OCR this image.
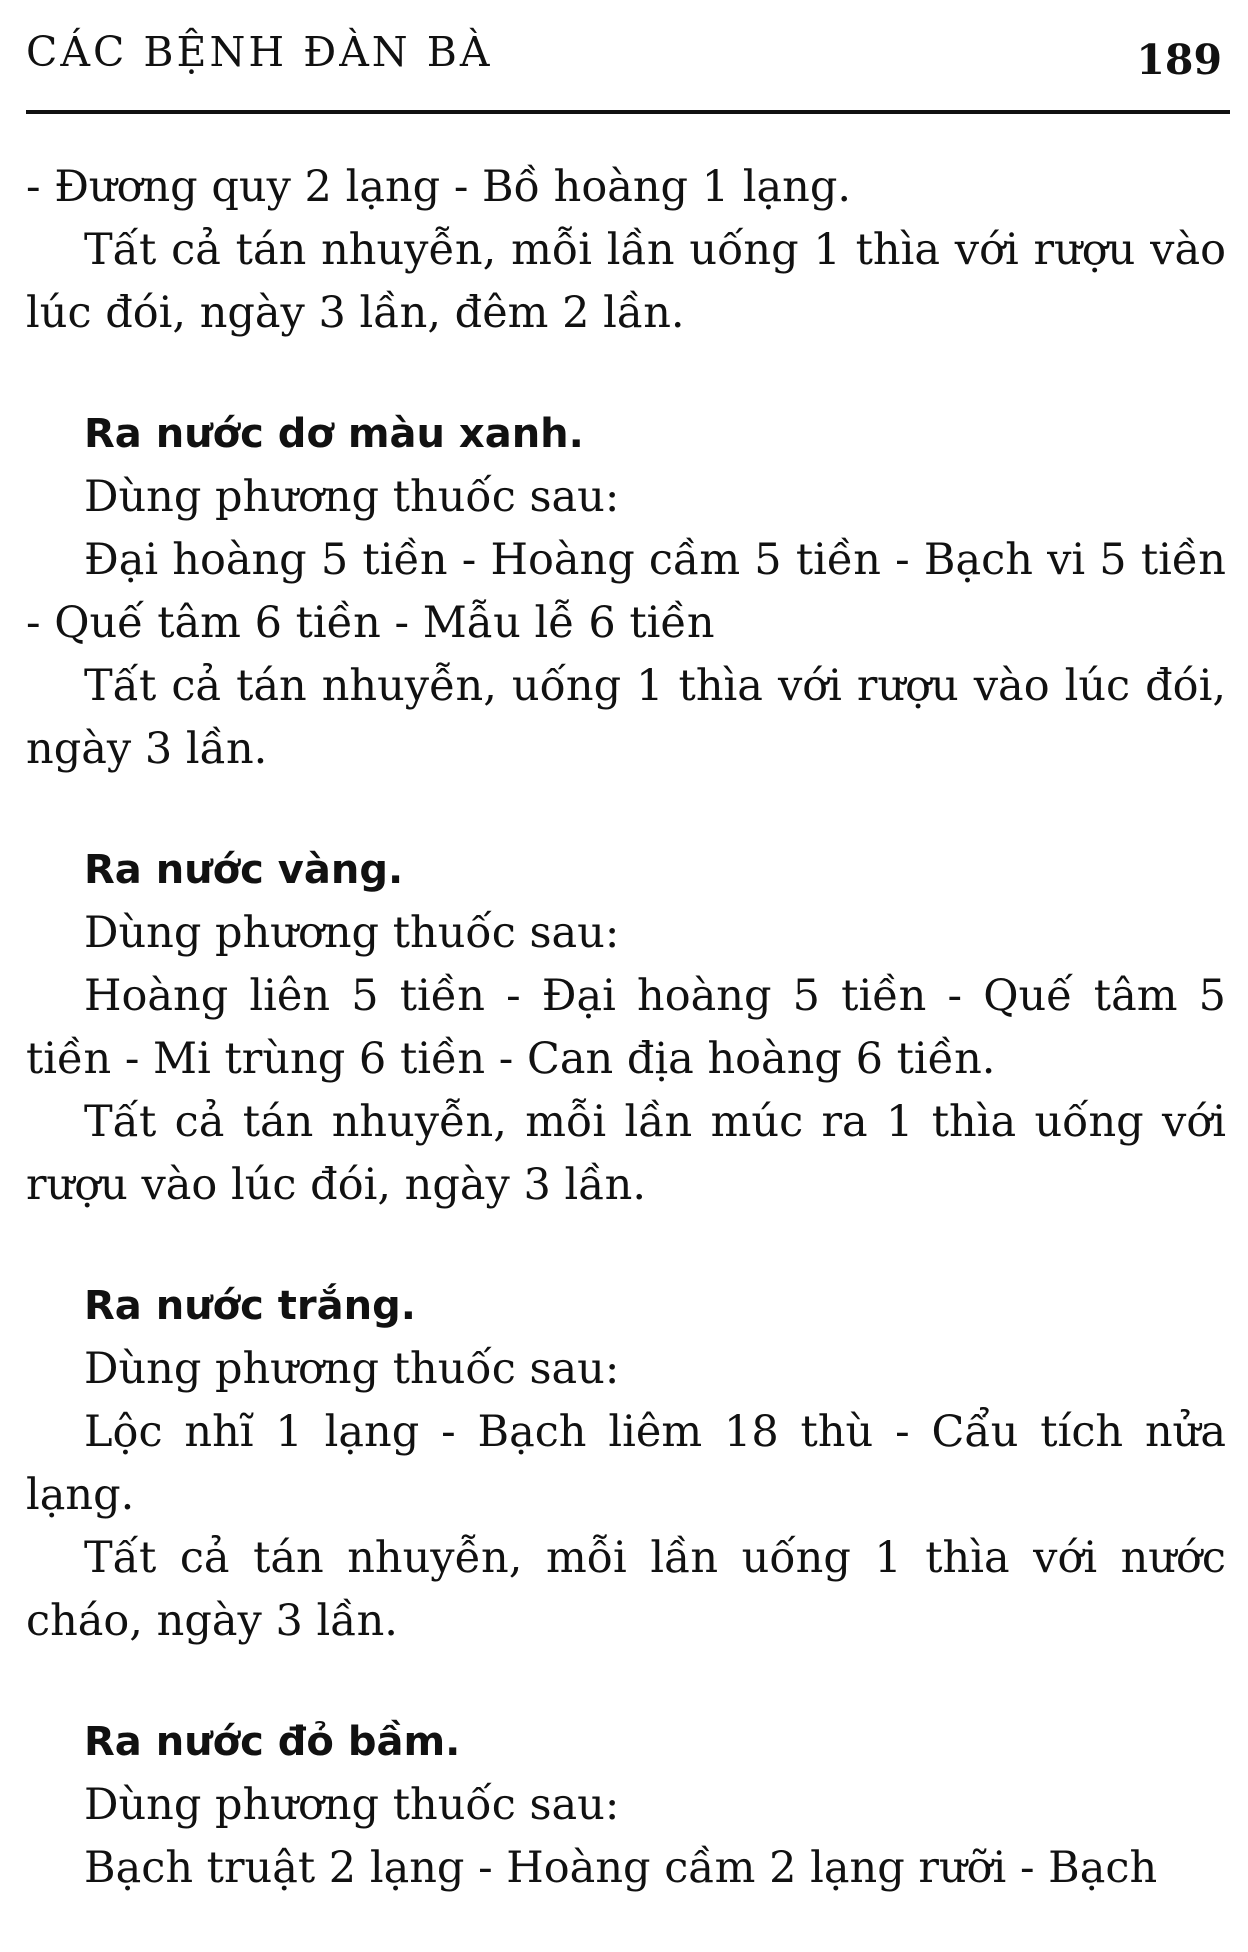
CÁC BỆNH ĐÀN BÀ	189

- Đương quy 2 lạng - Bồ hoàng 1 lạng.

Tất cả tán nhuyễn, mỗi lần uống 1 thìa với rượu vào lúc đói, ngày 3 lần, đêm 2 lần.

Ra nước dơ màu xanh.

Dùng phương thuốc sau:

Đại hoàng 5 tiền - Hoàng cầm 5 tiền - Bạch vi 5 tiền - Quế tâm 6 tiền - Mẫu lễ 6 tiền

Tất cả tán nhuyễn, uống 1 thìa với rượu vào lúc đói, ngày 3 lần.

Ra nước vàng.

Dùng phương thuốc sau:

Hoàng liên 5 tiền - Đại hoàng 5 tiền - Quế tâm 5 tiền - Mi trùng 6 tiền - Can địa hoàng 6 tiền.

Tất cả tán nhuyễn, mỗi lần múc ra 1 thìa uống với rượu vào lúc đói, ngày 3 lần.

Ra nước trắng.

Dùng phương thuốc sau:

Lộc nhĩ 1 lạng - Bạch liêm 18 thù - Cẩu tích nửa lạng.

Tất cả tán nhuyễn, mỗi lần uống 1 thìa với nước cháo, ngày 3 lần.

Ra nước đỏ bầm.

Dùng phương thuốc sau:

Bạch truật 2 lạng - Hoàng cầm 2 lạng rưỡi - Bạch
